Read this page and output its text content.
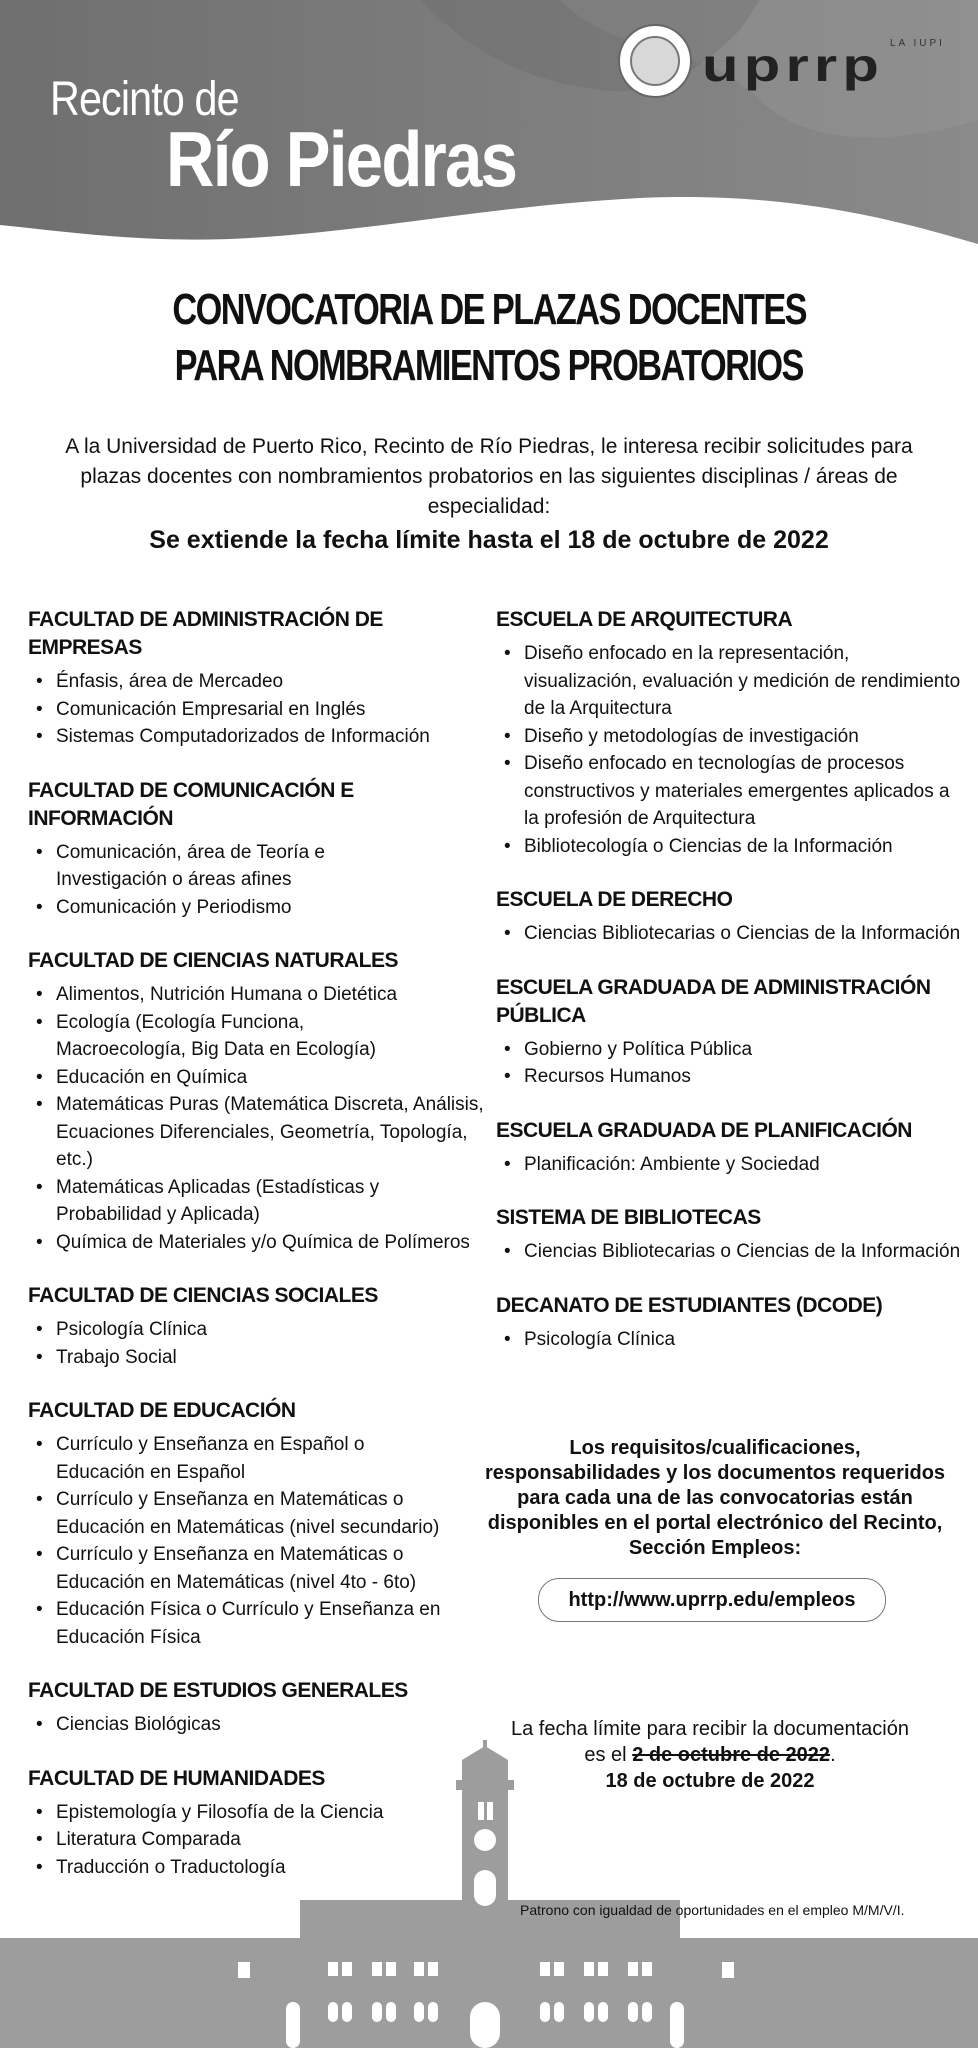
Recinto de
Río Piedras
uprrp LA IUPI
CONVOCATORIA DE PLAZAS DOCENTES
PARA NOMBRAMIENTOS PROBATORIOS
A la Universidad de Puerto Rico, Recinto de Río Piedras, le interesa recibir solicitudes para plazas docentes con nombramientos probatorios en las siguientes disciplinas / áreas de especialidad:
Se extiende la fecha límite hasta el 18 de octubre de 2022
FACULTAD DE ADMINISTRACIÓN DE EMPRESAS
• Énfasis, área de Mercadeo
• Comunicación Empresarial en Inglés
• Sistemas Computadorizados de Información
FACULTAD DE COMUNICACIÓN E INFORMACIÓN
• Comunicación, área de Teoría e Investigación o áreas afines
• Comunicación y Periodismo
FACULTAD DE CIENCIAS NATURALES
• Alimentos, Nutrición Humana o Dietética
• Ecología (Ecología Funciona, Macroecología, Big Data en Ecología)
• Educación en Química
• Matemáticas Puras (Matemática Discreta, Análisis, Ecuaciones Diferenciales, Geometría, Topología, etc.)
• Matemáticas Aplicadas (Estadísticas y Probabilidad y Aplicada)
• Química de Materiales y/o Química de Polímeros
FACULTAD DE CIENCIAS SOCIALES
• Psicología Clínica
• Trabajo Social
FACULTAD DE EDUCACIÓN
• Currículo y Enseñanza en Español o Educación en Español
• Currículo y Enseñanza en Matemáticas o Educación en Matemáticas (nivel secundario)
• Currículo y Enseñanza en Matemáticas o Educación en Matemáticas (nivel 4to - 6to)
• Educación Física o Currículo y Enseñanza en Educación Física
FACULTAD DE ESTUDIOS GENERALES
• Ciencias Biológicas
FACULTAD DE HUMANIDADES
• Epistemología y Filosofía de la Ciencia
• Literatura Comparada
• Traducción o Traductología
ESCUELA DE ARQUITECTURA
• Diseño enfocado en la representación, visualización, evaluación y medición de rendimiento de la Arquitectura
• Diseño y metodologías de investigación
• Diseño enfocado en tecnologías de procesos constructivos y materiales emergentes aplicados a la profesión de Arquitectura
• Bibliotecología o Ciencias de la Información
ESCUELA DE DERECHO
• Ciencias Bibliotecarias o Ciencias de la Información
ESCUELA GRADUADA DE ADMINISTRACIÓN PÚBLICA
• Gobierno y Política Pública
• Recursos Humanos
ESCUELA GRADUADA DE PLANIFICACIÓN
• Planificación: Ambiente y Sociedad
SISTEMA DE BIBLIOTECAS
• Ciencias Bibliotecarias o Ciencias de la Información
DECANATO DE ESTUDIANTES (DCODE)
• Psicología Clínica
Los requisitos/cualificaciones, responsabilidades y los documentos requeridos para cada una de las convocatorias están disponibles en el portal electrónico del Recinto, Sección Empleos:
http://www.uprrp.edu/empleos
La fecha límite para recibir la documentación es el 2 de octubre de 2022.
18 de octubre de 2022
Patrono con igualdad de oportunidades en el empleo M/M/V/I.
